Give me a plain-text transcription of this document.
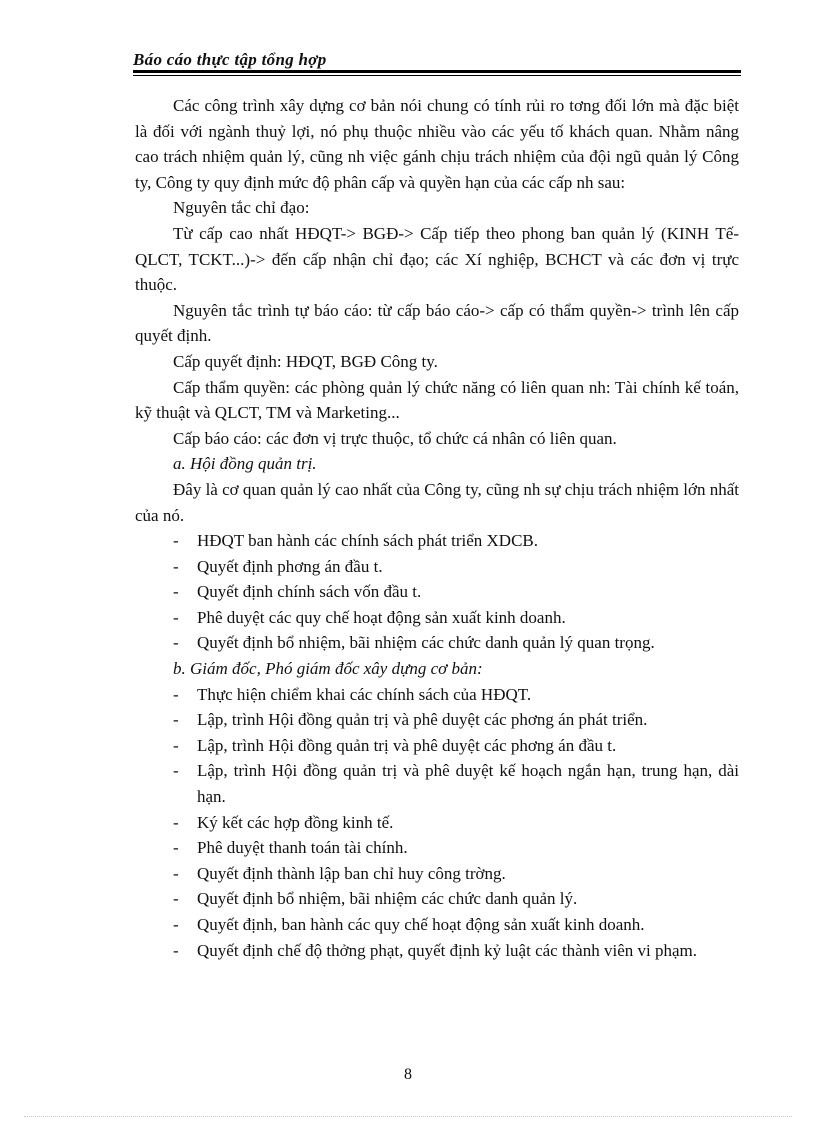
Báo cáo thực tập tổng hợp

Các công trình xây dựng cơ bản nói chung có tính rủi ro tơng đối lớn mà đặc biệt là đối với ngành thuỷ lợi, nó phụ thuộc nhiều vào các yếu tố khách quan. Nhằm nâng cao trách nhiệm quản lý, cũng nh việc gánh chịu trách nhiệm của đội ngũ quản lý Công ty, Công ty quy định mức độ phân cấp và quyền hạn của các cấp nh sau:

Nguyên tắc chỉ đạo:

Từ cấp cao nhất HĐQT-> BGĐ-> Cấp tiếp theo phong ban quản lý (KINH Tế-QLCT, TCKT...)-> đến cấp nhận chỉ đạo; các Xí nghiệp, BCHCT và các đơn vị trực thuộc.

Nguyên tắc trình tự báo cáo: từ cấp báo cáo-> cấp có thẩm quyền-> trình lên cấp quyết định.

Cấp quyết định: HĐQT, BGĐ Công ty.

Cấp thẩm quyền: các phòng quản lý chức năng có liên quan nh: Tài chính kế toán, kỹ thuật và QLCT, TM và Marketing...

Cấp báo cáo: các đơn vị trực thuộc, tổ chức cá nhân có liên quan.

a. Hội đồng quản trị.

Đây là cơ quan quản lý cao nhất của Công ty, cũng nh sự chịu trách nhiệm lớn nhất của nó.

- HĐQT ban hành các chính sách phát triển XDCB.
- Quyết định phơng án đầu t.
- Quyết định chính sách vốn đầu t.
- Phê duyệt các quy chế hoạt động sản xuất kinh doanh.
- Quyết định bổ nhiệm, bãi nhiệm các chức danh quản lý quan trọng.

b. Giám đốc, Phó giám đốc xây dựng cơ bản:

- Thực hiện chiểm khai các chính sách của HĐQT.
- Lập, trình Hội đồng quản trị và phê duyệt các phơng án phát triển.
- Lập, trình Hội đồng quản trị và phê duyệt các phơng án đầu t.
- Lập, trình Hội đồng quản trị và phê duyệt kế hoạch ngắn hạn, trung hạn, dài hạn.
- Ký kết các hợp đồng kinh tế.
- Phê duyệt thanh toán tài chính.
- Quyết định thành lập ban chỉ huy công trờng.
- Quyết định bổ nhiệm, bãi nhiệm các chức danh quản lý.
- Quyết định, ban hành các quy chế hoạt động sản xuất kinh doanh.
- Quyết định chế độ thởng phạt, quyết định kỷ luật các thành viên vi phạm.
8
